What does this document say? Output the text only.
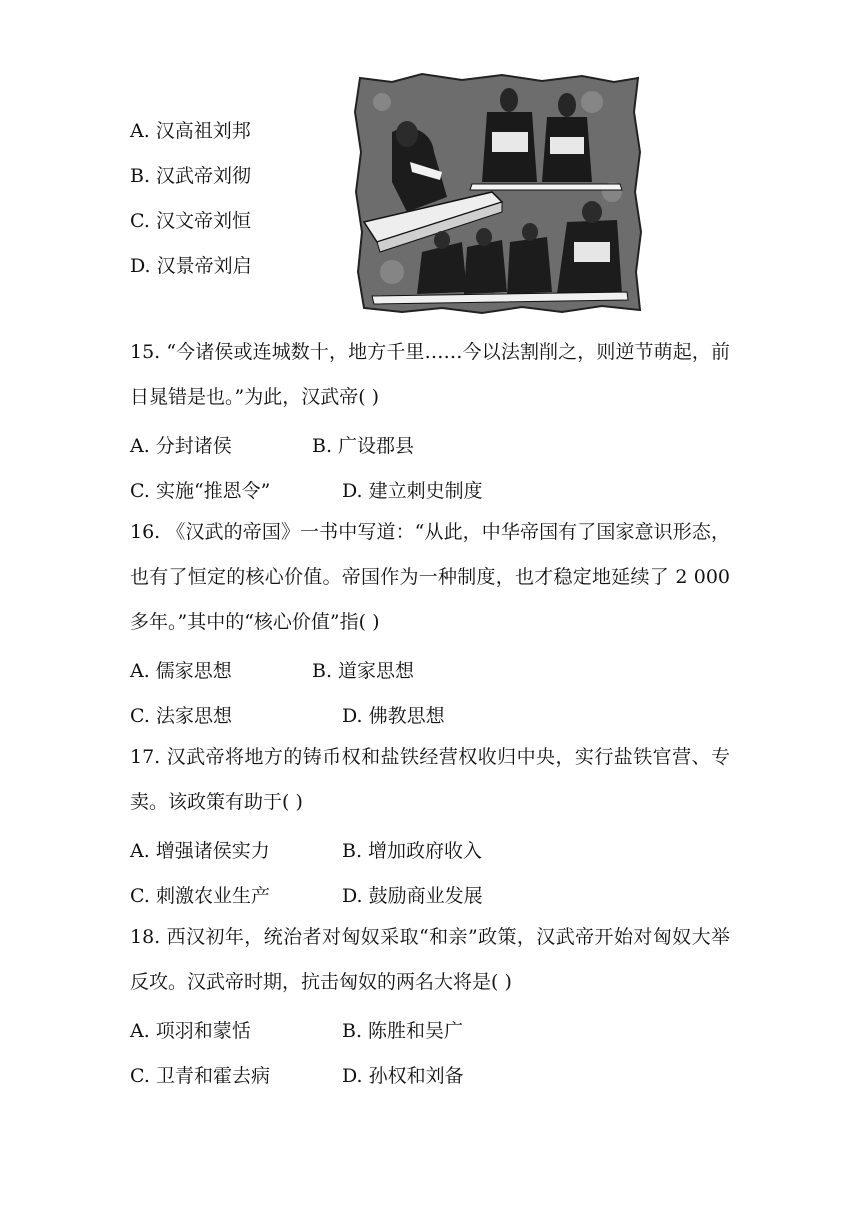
A. 汉高祖刘邦
B. 汉武帝刘彻
C. 汉文帝刘恒
D. 汉景帝刘启
15. “今诸侯或连城数十，地方千里……今以法割削之，则逆节萌起，前日晁错是也。”为此，汉武帝( )
A. 分封诸侯	B. 广设郡县
C. 实施“推恩令”	D. 建立刺史制度
16. 《汉武的帝国》一书中写道：“从此，中华帝国有了国家意识形态，也有了恒定的核心价值。帝国作为一种制度，也才稳定地延续了 2 000 多年。”其中的“核心价值”指( )
A. 儒家思想	B. 道家思想
C. 法家思想	D. 佛教思想
17. 汉武帝将地方的铸币权和盐铁经营权收归中央，实行盐铁官营、专卖。该政策有助于( )
A. 增强诸侯实力	B. 增加政府收入
C. 刺激农业生产	D. 鼓励商业发展
18. 西汉初年，统治者对匈奴采取“和亲”政策，汉武帝开始对匈奴大举反攻。汉武帝时期，抗击匈奴的两名大将是( )
A. 项羽和蒙恬	B. 陈胜和吴广
C. 卫青和霍去病	D. 孙权和刘备
